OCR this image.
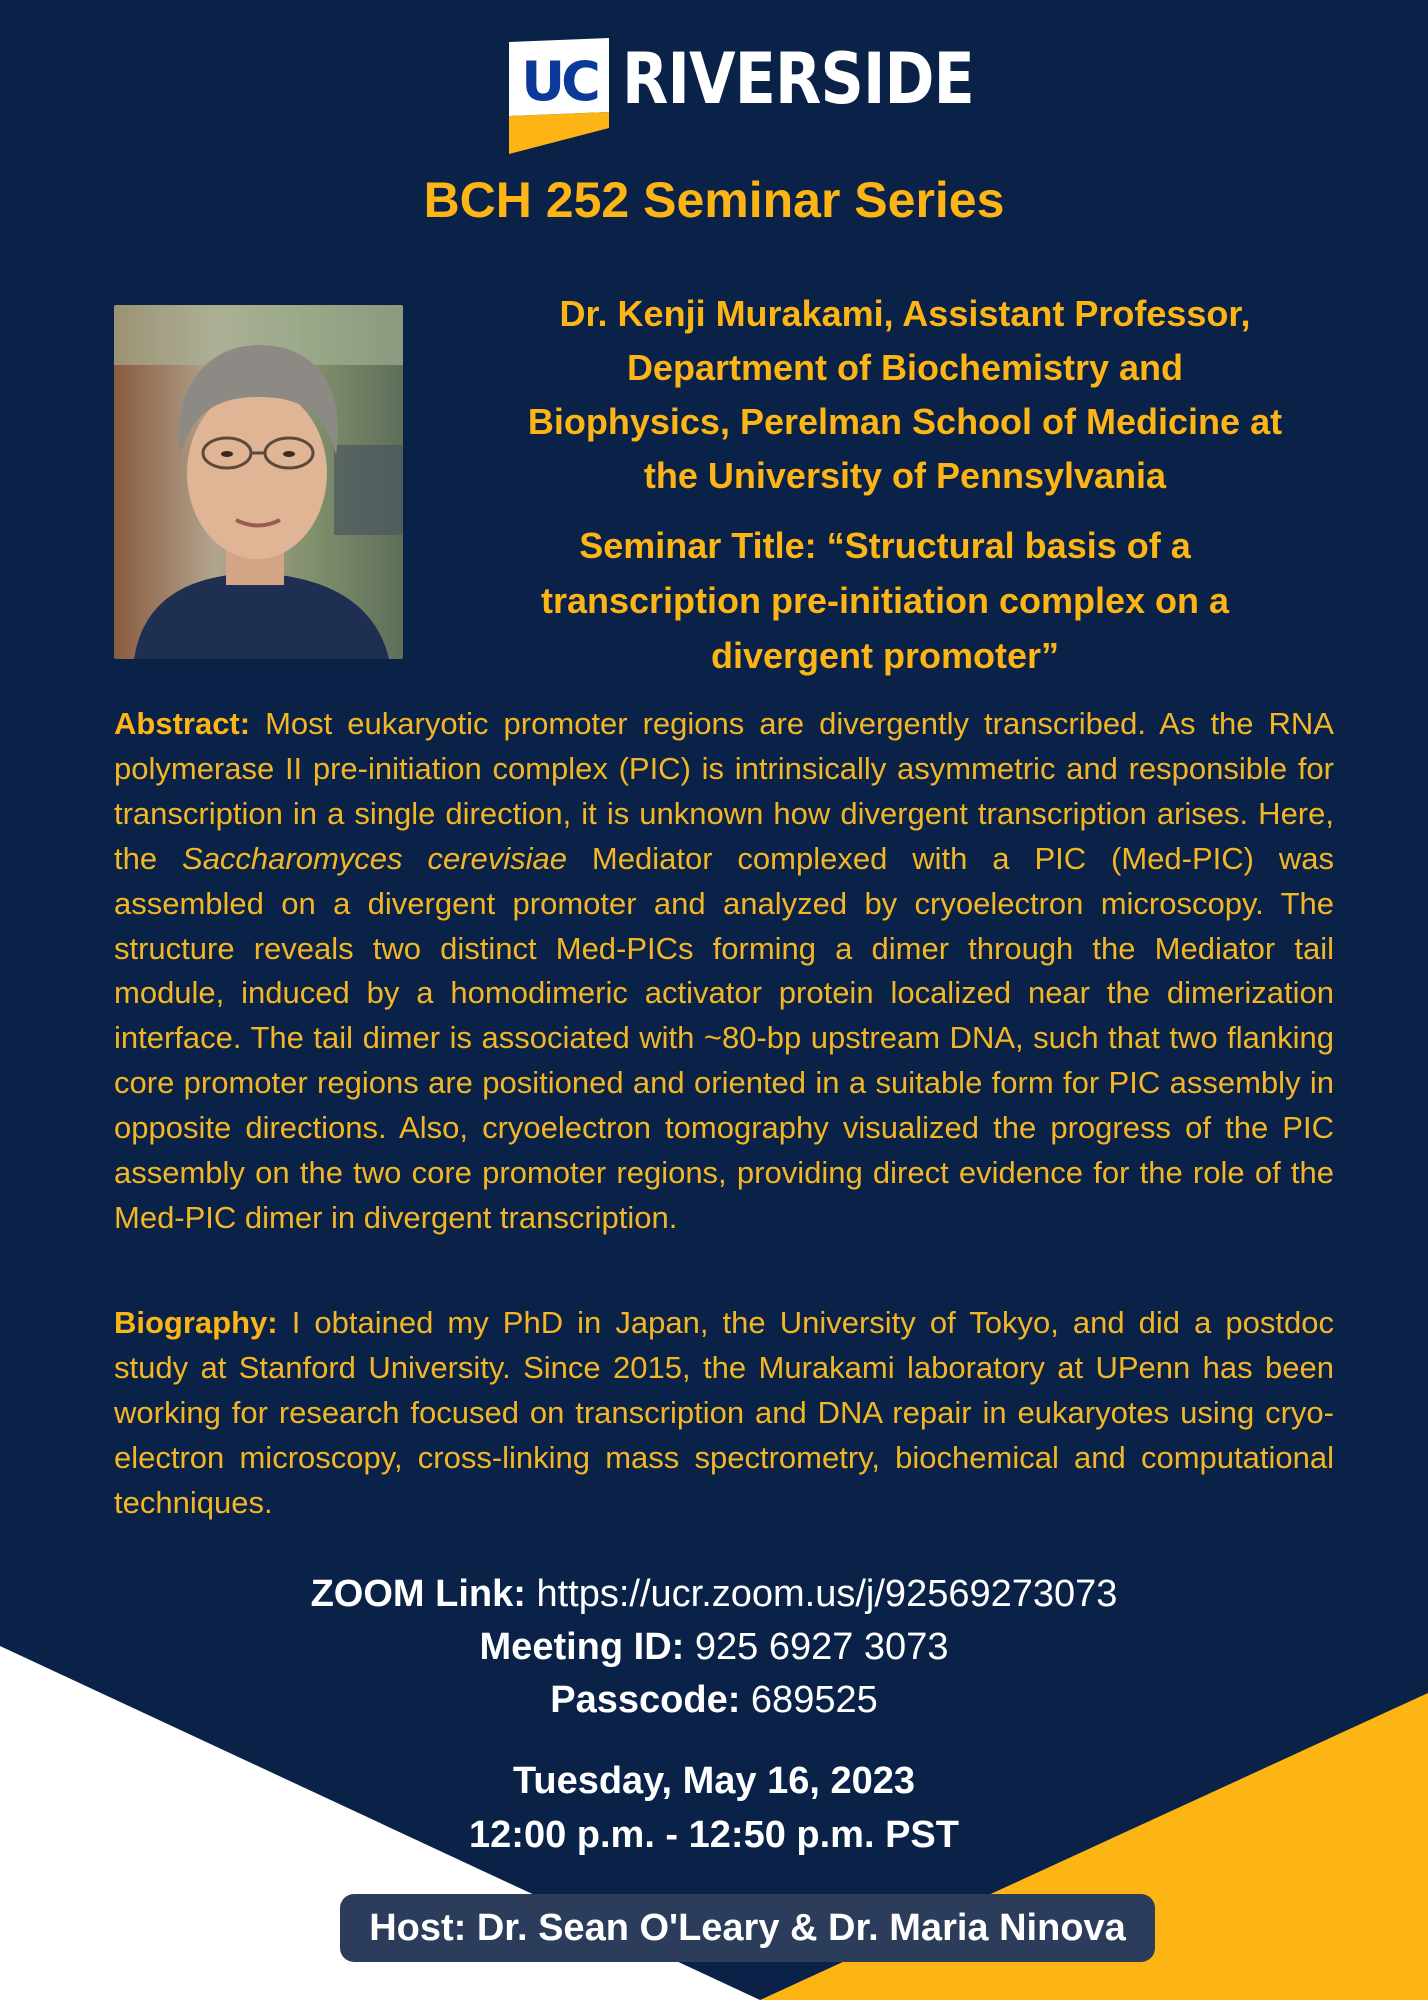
UC RIVERSIDE
BCH 252 Seminar Series
Dr. Kenji Murakami, Assistant Professor,
Department of Biochemistry and
Biophysics, Perelman School of Medicine at
the University of Pennsylvania
Seminar Title: “Structural basis of a
transcription pre-initiation complex on a
divergent promoter”
Abstract: Most eukaryotic promoter regions are divergently transcribed. As the RNA polymerase II pre-initiation complex (PIC) is intrinsically asymmetric and responsible for transcription in a single direction, it is unknown how divergent transcription arises. Here, the Saccharomyces cerevisiae Mediator complexed with a PIC (Med-PIC) was assembled on a divergent promoter and analyzed by cryoelectron microscopy. The structure reveals two distinct Med-PICs forming a dimer through the Mediator tail module, induced by a homodimeric activator protein localized near the dimerization interface. The tail dimer is associated with ~80-bp upstream DNA, such that two flanking core promoter regions are positioned and oriented in a suitable form for PIC assembly in opposite directions. Also, cryoelectron tomography visualized the progress of the PIC assembly on the two core promoter regions, providing direct evidence for the role of the Med-PIC dimer in divergent transcription.
Biography: I obtained my PhD in Japan, the University of Tokyo, and did a postdoc study at Stanford University. Since 2015, the Murakami laboratory at UPenn has been working for research focused on transcription and DNA repair in eukaryotes using cryo-electron microscopy, cross-linking mass spectrometry, biochemical and computational techniques.
ZOOM Link: https://ucr.zoom.us/j/92569273073
Meeting ID: 925 6927 3073
Passcode: 689525
Tuesday, May 16, 2023
12:00 p.m. - 12:50 p.m. PST
Host: Dr. Sean O'Leary & Dr. Maria Ninova
